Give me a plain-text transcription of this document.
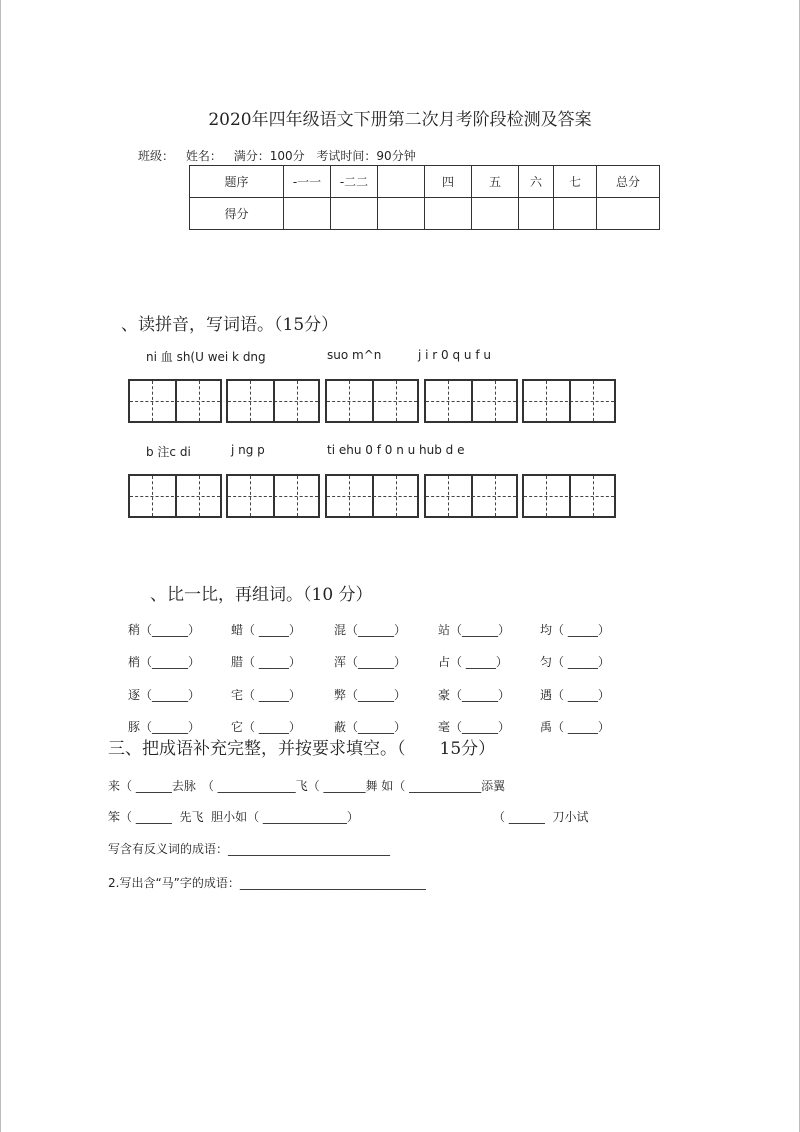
2020年四年级语文下册第二次月考阶段检测及答案
班级： 姓名： 满分：100分 考试时间：90分钟
题序	-一一	-二二		四	五	六	七	总分
得分								
、读拼音，写词语。（15分）
ni 血 sh(U wei k dng	suo m^n	j i r 0 q u f u
b 注c di	j ng p	ti ehu 0 f 0 n u hub d e
、比一比，再组词。（10 分）
稍（______）	蜡（ _____）	混（______）	站（______） 均（ _____）
梢（______）	腊（ _____）	浑（______）	占（ _____）	匀（ _____）
逐（______）	宅（ _____）	弊（______）	豪（______） 遇（ _____）
豚（______）	它（ _____）	蔽（______）	毫（______） 禹（ _____）
三、把成语补充完整，并按要求填空。（　　15分）
来（ ______去脉　（ _____________飞（ _______舞 如（ ____________添翼
笨（ ______  先飞  胆小如（ ______________）	（ ______  刀小试
写含有反义词的成语：___________________________
2.写出含“马”字的成语：_______________________________
